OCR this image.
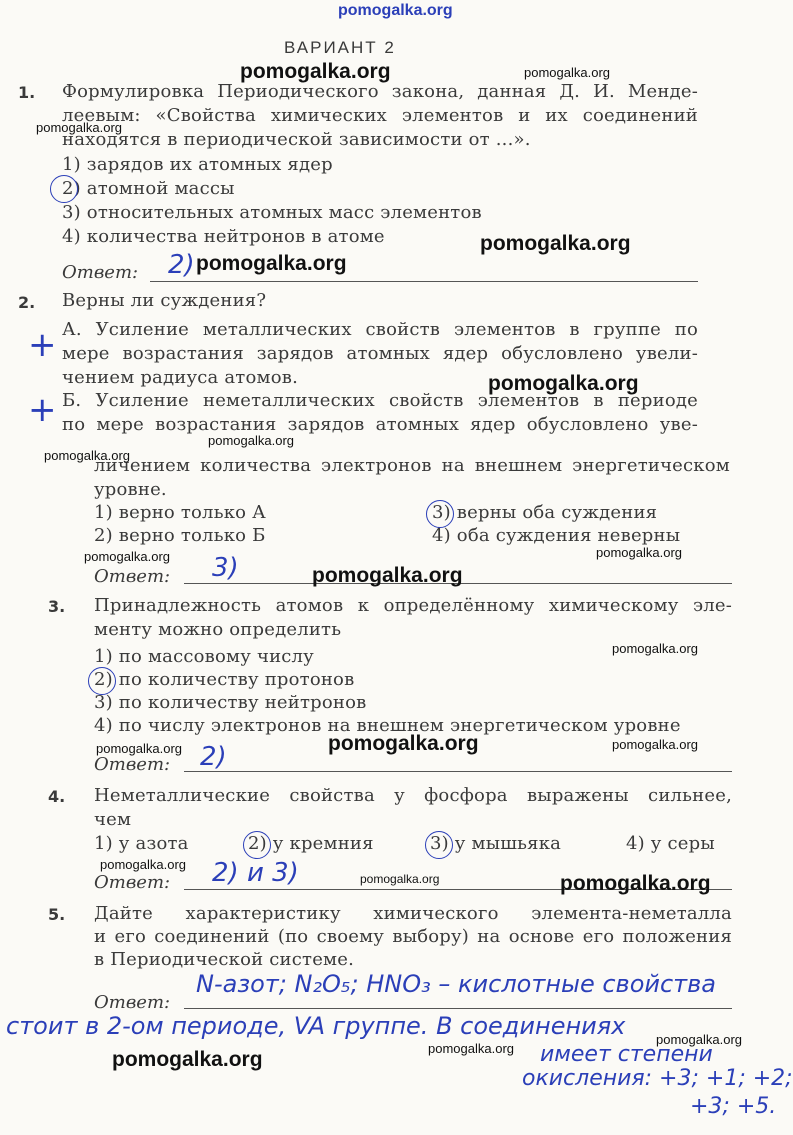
pomogalka.org
ВАРИАНТ 2
1. Формулировка Периодического закона, данная Д. И. Менде-
леевым: «Свойства химических элементов и их соединений
находятся в периодической зависимости от ...».
1) зарядов их атомных ядер
2) атомной массы
3) относительных атомных масс элементов
4) количества нейтронов в атоме
Ответ: 2)
2. Верны ли суждения?
А. Усиление металлических свойств элементов в группе по
мере возрастания зарядов атомных ядер обусловлено увели-
чением радиуса атомов.
Б. Усиление неметаллических свойств элементов в периоде
по мере возрастания зарядов атомных ядер обусловлено уве-
личением количества электронов на внешнем энергетическом
уровне.
+
+
1) верно только А
2) верно только Б
3) верны оба суждения
4) оба суждения неверны
Ответ: 3)
3. Принадлежность атомов к определённому химическому эле-
менту можно определить
1) по массовому числу
2) по количеству протонов
3) по количеству нейтронов
4) по числу электронов на внешнем энергетическом уровне
Ответ: 2)
4. Неметаллические свойства у фосфора выражены сильнее,
чем
1) у азота	2) у кремния	3) у мышьяка	4) у серы
Ответ: 2) и 3)
5. Дайте характеристику химического элемента-неметалла
и его соединений (по своему выбору) на основе его положения
в Периодической системе.
Ответ:
N-азот; N₂O₅; HNO₃ – кислотные свойства
стоит в 2-ом периоде, VA группе. В соединениях
имеет степени
окисления: +3; +1; +2;
+3; +5.
pomogalka.org	pomogalka.org
pomogalka.org
pomogalka.org
pomogalka.org
pomogalka.org
pomogalka.org
pomogalka.org
pomogalka.org	pomogalka.org
pomogalka.org
pomogalka.org
pomogalka.org
pomogalka.org	pomogalka.org
pomogalka.org
pomogalka.org	pomogalka.org
pomogalka.org
pomogalka.org
pomogalka.org
